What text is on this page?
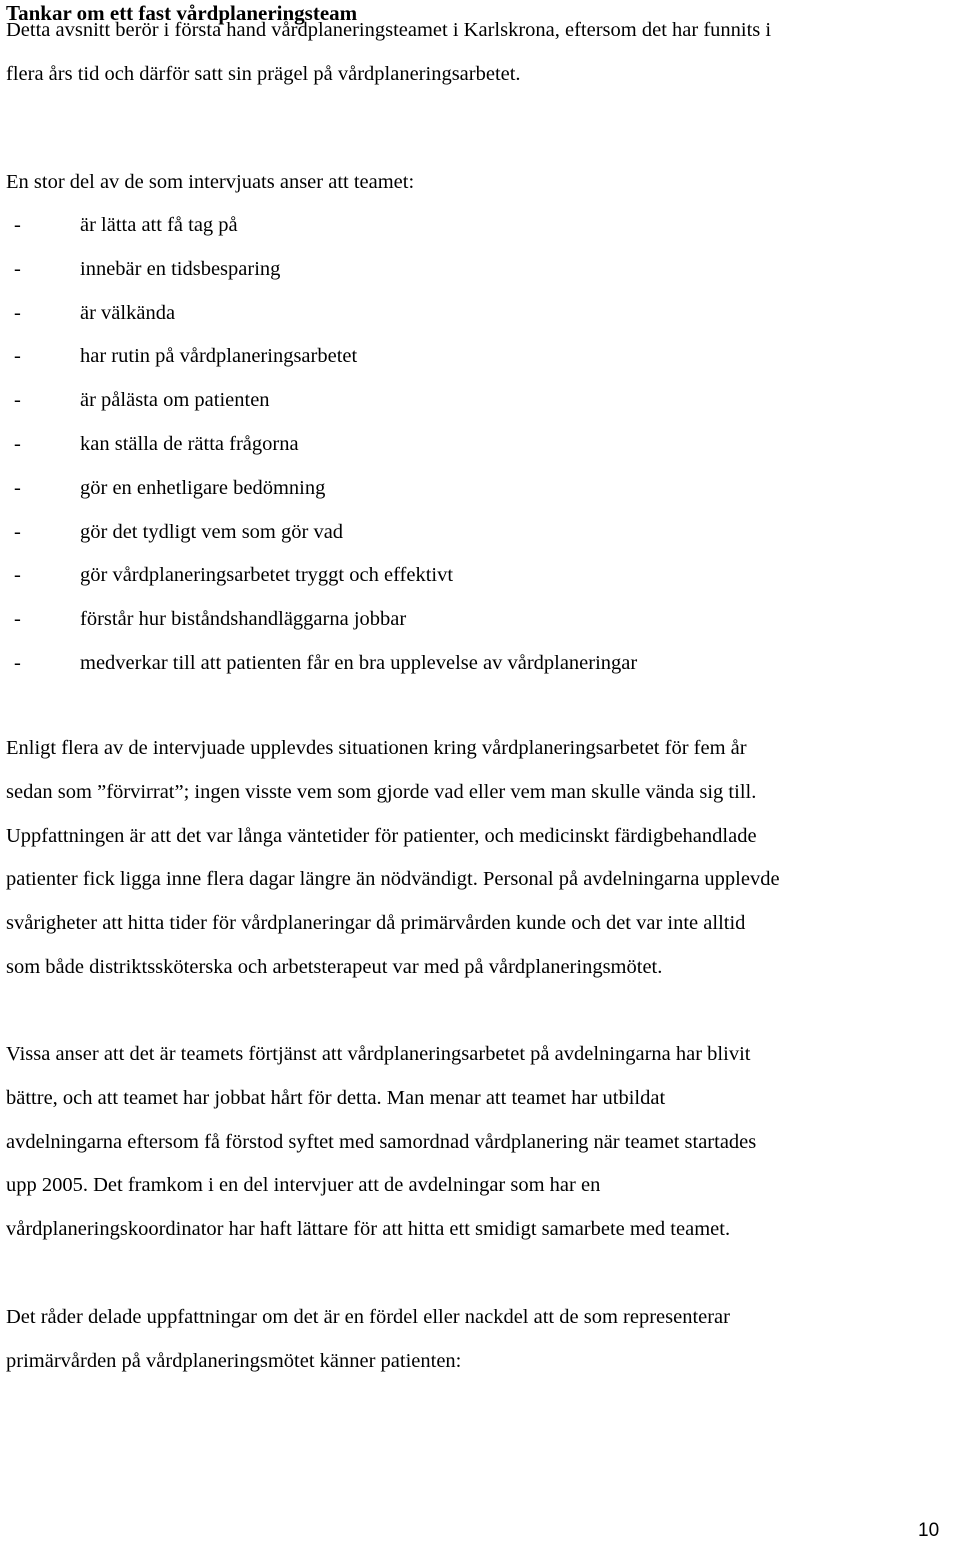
Tankar om ett fast vårdplaneringsteam

Detta avsnitt berör i första hand vårdplaneringsteamet i Karlskrona, eftersom det har funnits i
flera års tid och därför satt sin prägel på vårdplaneringsarbetet.

En stor del av de som intervjuats anser att teamet:

-	är lätta att få tag på
-	innebär en tidsbesparing
-	är välkända
-	har rutin på vårdplaneringsarbetet
-	är pålästa om patienten
-	kan ställa de rätta frågorna
-	gör en enhetligare bedömning
-	gör det tydligt vem som gör vad
-	gör vårdplaneringsarbetet tryggt och effektivt
-	förstår hur biståndshandläggarna jobbar
-	medverkar till att patienten får en bra upplevelse av vårdplaneringar

Enligt flera av de intervjuade upplevdes situationen kring vårdplaneringsarbetet för fem år
sedan som ”förvirrat”; ingen visste vem som gjorde vad eller vem man skulle vända sig till.
Uppfattningen är att det var långa väntetider för patienter, och medicinskt färdigbehandlade
patienter fick ligga inne flera dagar längre än nödvändigt. Personal på avdelningarna upplevde
svårigheter att hitta tider för vårdplaneringar då primärvården kunde och det var inte alltid
som både distriktssköterska och arbetsterapeut var med på vårdplaneringsmötet.

Vissa anser att det är teamets förtjänst att vårdplaneringsarbetet på avdelningarna har blivit
bättre, och att teamet har jobbat hårt för detta. Man menar att teamet har utbildat
avdelningarna eftersom få förstod syftet med samordnad vårdplanering när teamet startades
upp 2005. Det framkom i en del intervjuer att de avdelningar som har en
vårdplaneringskoordinator har haft lättare för att hitta ett smidigt samarbete med teamet.

Det råder delade uppfattningar om det är en fördel eller nackdel att de som representerar
primärvården på vårdplaneringsmötet känner patienten:

10
